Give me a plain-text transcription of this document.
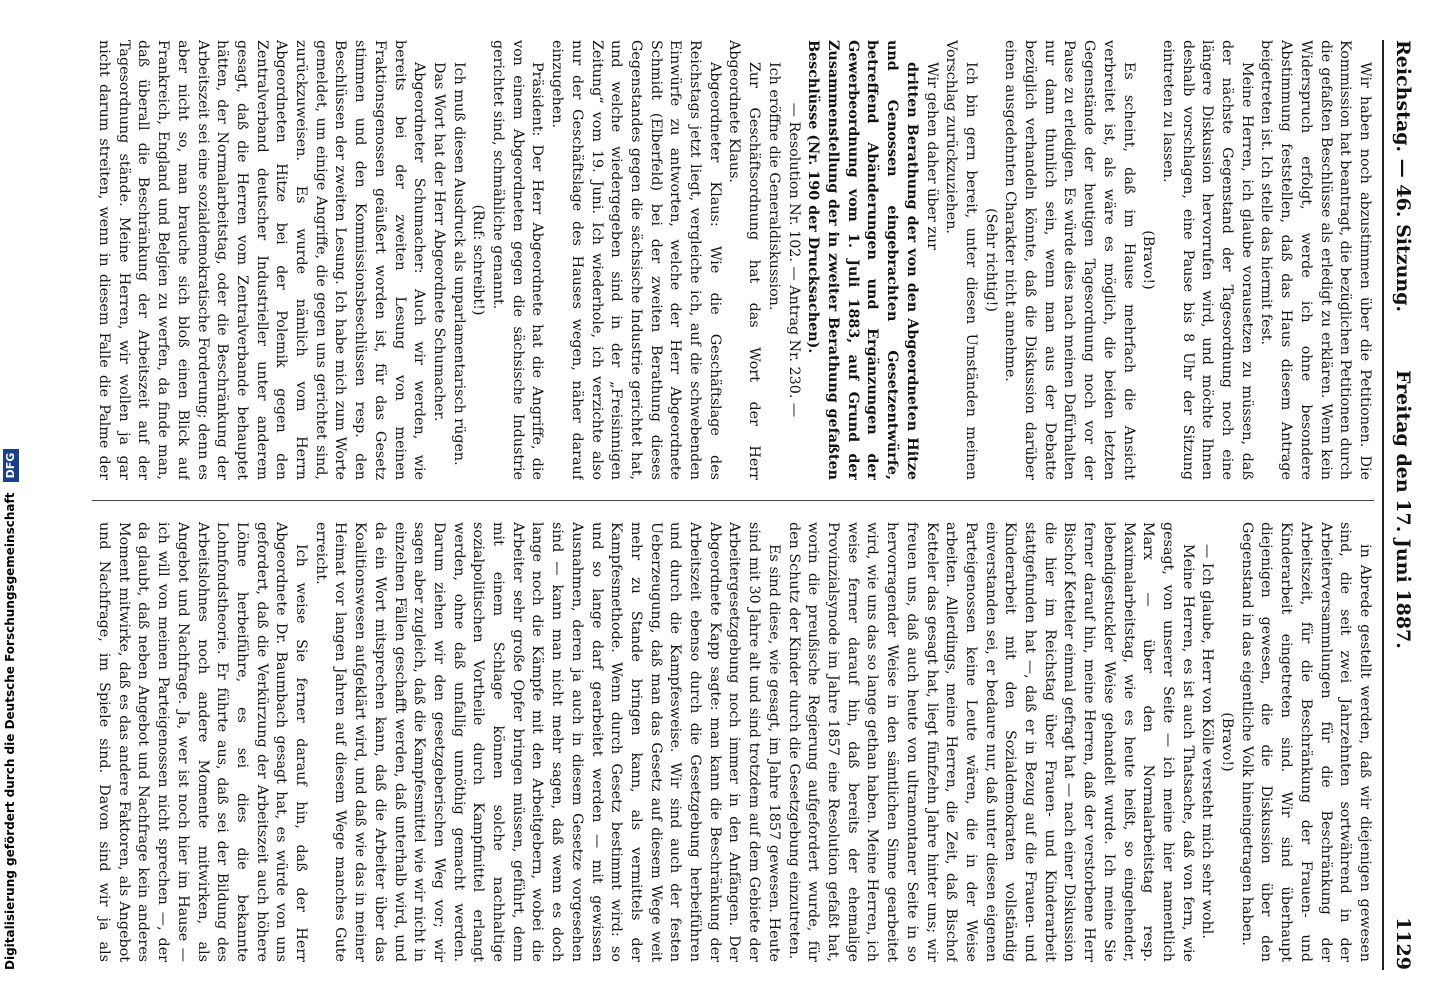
Digitalisierung gefördert durch die Deutsche Forschungsgemeinschaft DFG
Reichstag. — 46. Sitzung.
Freitag den 17. Juni 1887.
1129

Wir haben noch abzustimmen über die Petitionen. Die Kommission hat beantragt, die bezüglichen Petitionen durch die gefaßten Beschlüsse als erledigt zu erklären. Wenn kein Widerspruch erfolgt, werde ich ohne besondere Abstimmung feststellen, daß das Haus diesem Antrage beigetreten ist. Ich stelle das hiermit fest.

Meine Herren, ich glaube vorausetzen zu müssen, daß der nächste Gegenstand der Tagesordnung noch eine längere Diskussion hervorrufen wird, und möchte Ihnen deshalb vorschlagen, eine Pause bis 8 Uhr der Sitzung eintreten zu lassen.

(Bravo!)

Es scheint, daß im Hause mehrfach die Ansicht verbreitet ist, als wäre es möglich, die beiden letzten Gegenstände der heutigen Tagesordnung noch vor der Pause zu erledigen. Es würde dies nach meinen Dafürhalten nur dann thunlich sein, wenn man aus der Debatte bezüglich verhandeln könnte, daß die Diskussion darüber einen ausgedehnten Charakter nicht annehme.

(Sehr richtig!)

Ich bin gern bereit, unter diesen Umständen meinen Vorschlag zurückzuziehen.

Wir gehen daher über zur

dritten Berathung der von den Abgeordneten Hitze und Genossen eingebrachten Gesetzentwürfe, betreffend Abänderungen und Ergänzungen der Gewerbeordnung vom 1. Juli 1883, auf Grund der Zusammenstellung der in zweiter Berathung gefaßten Beschlüsse (Nr. 190 der Drucksachen).

— Resolution Nr. 102. — Antrag Nr. 230. —

Ich eröffne die Generaldiskussion.

Zur Geschäftsordnung hat das Wort der Herr Abgeordnete Klaus.

Abgeordneter Klaus: Wie die Geschäftslage des Reichstags jetzt liegt, vergleiche ich, auf die schwebenden Einwürfe zu antworten, welche der Herr Abgeordnete Schmidt (Elberfeld) bei der zweiten Berathung dieses Gegenstandes gegen die sächsische Industrie gerichtet hat, und welche wiedergegeben sind in der „Freisinnigen Zeitung“ vom 19. Juni. Ich wiederhole, ich verzichte also nur der Geschäftslage des Hauses wegen, näher darauf einzugehen.

Präsident: Der Herr Abgeordnete hat die Angriffe, die von einem Abgeordneten gegen die sächsische Industrie gerichtet sind, schmähliche genannt.

(Ruf: schreibt!)

Ich muß diesen Ausdruck als unparlamentarisch rügen.

Das Wort hat der Herr Abgeordnete Schumacher.

Abgeordneter Schumacher: Auch wir werden, wie bereits bei der zweiten Lesung von meinen Fraktionsgenossen geäußert worden ist, für das Gesetz stimmen und den Kommissionsbeschlüssen resp. den Beschlüssen der zweiten Lesung. Ich habe mich zum Worte gemeldet, um einige Angriffe, die gegen uns gerichtet sind, zurückzuweisen. Es wurde nämlich vom Herrn Abgeordneten Hitze bei der Polemik gegen den Zentralverband deutscher Industrieller unter anderem gesagt, daß die Herren vom Zentralverbande behauptet hätten, der Normalarbeitstag, oder die Beschränkung der Arbeitszeit sei eine sozialdemokratische Forderung; denn es aber nicht so, man brauche sich bloß einen Blick auf Frankreich, England und Belgien zu werfen, da finde man, daß überall die Beschränkung der Arbeitszeit auf der Tagesordnung stände. Meine Herren, wir wollen ja gar nicht darum streiten, wenn in diesem Falle die Palme der

in Abrede gestellt werden, daß wir diejenigen gewesen sind, die seit zwei Jahrzehnten sortwährend in der Arbeiterversammlungen für die Beschränkung der Arbeitszeit, für die Beschränkung der Frauen- und Kinderarbeit eingetreten sind. Wir sind überhaupt diejenigen gewesen, die die Diskussion über den Gegenstand in das eigentliche Volk hineingetragen haben.

(Bravo!)

— Ich glaube, Herr von Kölle versteht mich sehr wohl.

Meine Herren, es ist auch Thatsache, daß von fern, wie gesagt, von unserer Seite — ich meine hier namentlich Marx — über den Normalarbeitstag resp. Maximalarbeitstag, wie es heute heißt, so eingehender, lebendigestuckler Weise gehandelt wurde. Ich meine Sie ferner darauf hin, meine Herren, daß der verstorbene Herr Bischof Ketteler einmal gefragt hat — nach einer Diskussion die hier im Reichstag über Frauen- und Kinderarbeit stattgefunden hat —, daß er in Bezug auf die Frauen- und Kinderarbeit mit den Sozialdemokraten vollständig einverstanden sei, er bedaure nur, daß unter diesen eigenen Parteigenossen keine Leute wären, die in der Weise arbeiten. Allerdings, meine Herren, die Zeit, daß Bischof Ketteler das gesagt hat, liegt fünfzehn Jahre hinter uns; wir freuen uns, daß auch heute von ultramontaner Seite in so hervorragender Weise in den sämtlichen Sinne gearbeitet wird, wie uns das so lange gethan haben. Meine Herren, ich weise ferner darauf hin, daß bereits der ehemalige Provinzialsynode im Jahre 1857 eine Resolution gefaßt hat, worin die preußische Regierung aufgefordert wurde, für den Schutz der Kinder durch die Gesetzgebung einzutreten.

Es sind diese, wie gesagt, im Jahre 1857 gewesen. Heute sind mit 30 Jahre alt und sind trotzdem auf dem Gebiete der Arbeitergesetzgebung noch immer in den Anfängen. Der Abgeordnete Kapp sagte: man kann die Beschränkung der Arbeitszeit ebenso durch die Gesetzgebung herbeiführen und durch die Kampfesweise. Wir sind auch der festen Ueberzeugung, daß man das Gesetz auf diesem Wege weit mehr zu Stande bringen kann, als vermittels der Kampfesmethode. Wenn durch Gesetz bestimmt wird: so und so lange darf gearbeitet werden — mit gewissen Ausnahmen, deren ja auch in diesem Gesetze vorgesehen sind — kann man nicht mehr sagen, daß wenn es doch lange noch die Kämpfe mit den Arbeitgebern, wobei die Arbeiter sehr große Opfer bringen müssen, geführt, denn mit einem Schlage können solche nachhaltige sozialpolitischen Vortheile durch Kampfmittel erlangt werden, ohne daß unfallig unnöthig gemacht werden. Darum ziehen wir den gesetzgeberischen Weg vor; wir sagen aber zugleich, daß die Kampfesmittel wie wir nicht in einzelnen Fällen geschafft werden, daß unterhalb wird, und da ein Wort mitsprechen kann, daß die Arbeiter über das Koalitionswesen aufgeklärt wird, und daß wie das in meiner Heimat vor langen Jahren auf diesem Wege manches Gute erreicht.

Ich weise Sie ferner darauf hin, daß der Herr Abgeordnete Dr. Baumbach gesagt hat, es würde von uns gefordert, daß die Verkürzung der Arbeitszeit auch höhere Löhne herbeiführe, es sei dies die bekannte Lohnfondstheorie. Er führte aus, daß sei der Bildung des Arbeitslohnes noch andere Momente mitwirken, als Angebot und Nachfrage. Ja, wer ist noch hier im Hause — ich will von meinen Parteigenossen nicht sprechen —, der da glaubt, daß neben Angebot und Nachfrage kein anderes Moment mitwirke, daß es das andere Faktoren, als Angebot und Nachfrage, im Spiele sind. Davon sind wir ja als
